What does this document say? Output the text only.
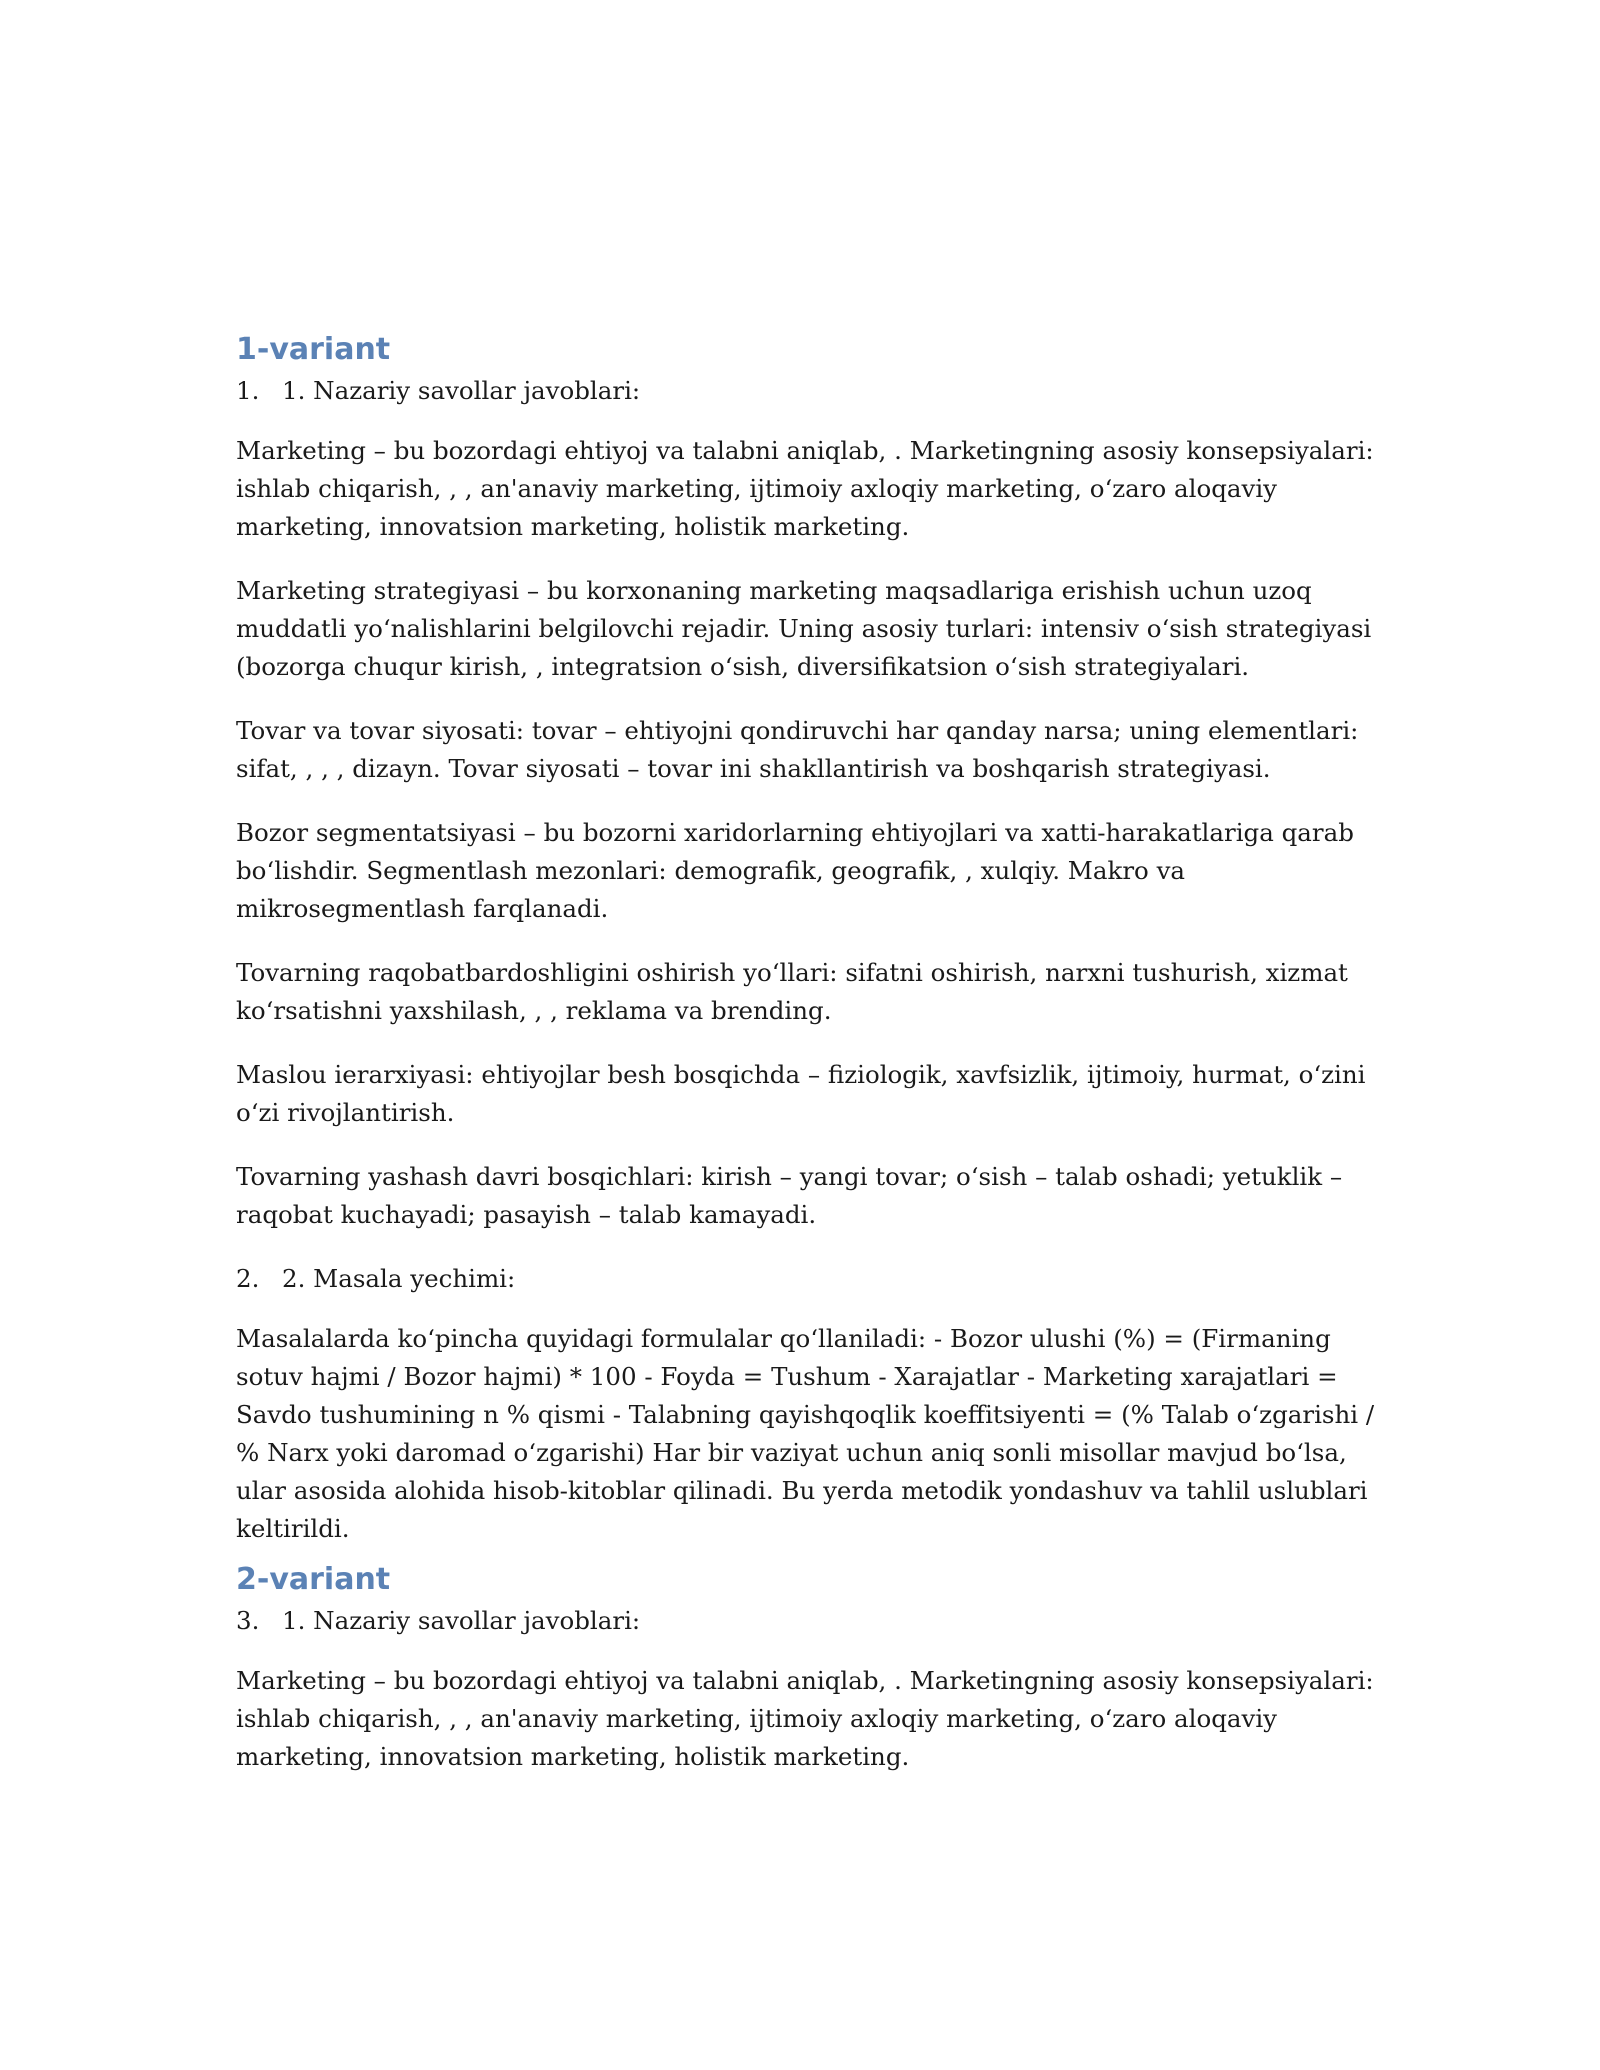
1-variant
1. 1. Nazariy savollar javoblari:

Marketing – bu bozordagi ehtiyoj va talabni aniqlab, . Marketingning asosiy konsepsiyalari: ishlab chiqarish, , , an'anaviy marketing, ijtimoiy axloqiy marketing, oʻzaro aloqaviy marketing, innovatsion marketing, holistik marketing.

Marketing strategiyasi – bu korxonaning marketing maqsadlariga erishish uchun uzoq muddatli yoʻnalishlarini belgilovchi rejadir. Uning asosiy turlari: intensiv oʻsish strategiyasi (bozorga chuqur kirish, , integratsion oʻsish, diversifikatsion oʻsish strategiyalari.

Tovar va tovar siyosati: tovar – ehtiyojni qondiruvchi har qanday narsa; uning elementlari: sifat, , , , dizayn. Tovar siyosati – tovar ini shakllantirish va boshqarish strategiyasi.

Bozor segmentatsiyasi – bu bozorni xaridorlarning ehtiyojlari va xatti-harakatlariga qarab boʻlishdir. Segmentlash mezonlari: demografik, geografik, , xulqiy. Makro va mikrosegmentlash farqlanadi.

Tovarning raqobatbardoshligini oshirish yoʻllari: sifatni oshirish, narxni tushurish, xizmat koʻrsatishni yaxshilash, , , reklama va brending.

Maslou ierarxiyasi: ehtiyojlar besh bosqichda – fiziologik, xavfsizlik, ijtimoiy, hurmat, oʻzini oʻzi rivojlantirish.

Tovarning yashash davri bosqichlari: kirish – yangi tovar; oʻsish – talab oshadi; yetuklik – raqobat kuchayadi; pasayish – talab kamayadi.

2. 2. Masala yechimi:

Masalalarda koʻpincha quyidagi formulalar qoʻllaniladi: - Bozor ulushi (%) = (Firmaning sotuv hajmi / Bozor hajmi) * 100 - Foyda = Tushum - Xarajatlar - Marketing xarajatlari = Savdo tushumining n % qismi - Talabning qayishqoqlik koeffitsiyenti = (% Talab oʻzgarishi / % Narx yoki daromad oʻzgarishi) Har bir vaziyat uchun aniq sonli misollar mavjud boʻlsa, ular asosida alohida hisob-kitoblar qilinadi. Bu yerda metodik yondashuv va tahlil uslublari keltirildi.

2-variant
3. 1. Nazariy savollar javoblari:

Marketing – bu bozordagi ehtiyoj va talabni aniqlab, . Marketingning asosiy konsepsiyalari: ishlab chiqarish, , , an'anaviy marketing, ijtimoiy axloqiy marketing, oʻzaro aloqaviy marketing, innovatsion marketing, holistik marketing.
